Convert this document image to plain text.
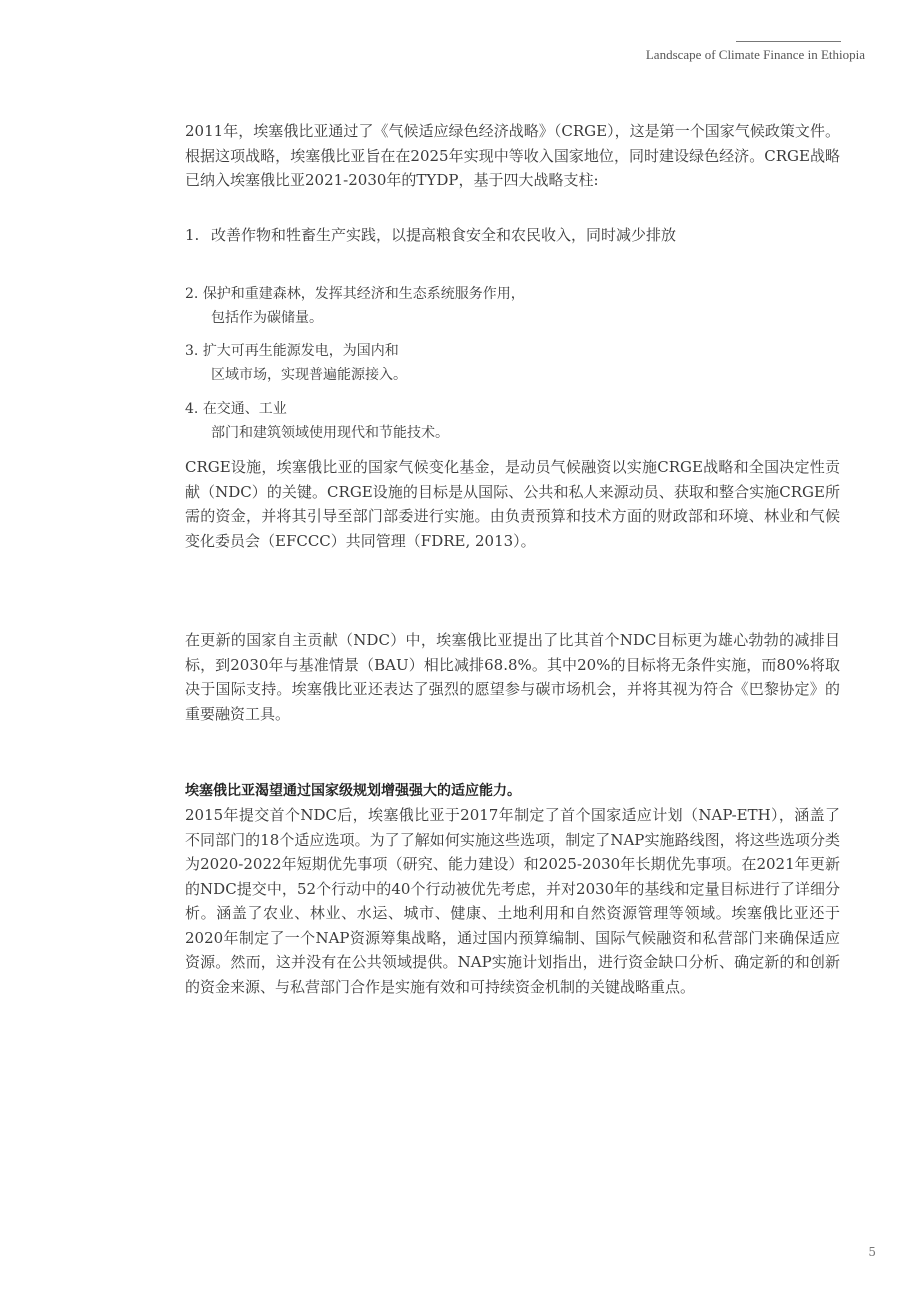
Landscape of Climate Finance in Ethiopia

2011年，埃塞俄比亚通过了《气候适应绿色经济战略》（CRGE），这是第一个国家气候政策文件。根据这项战略，埃塞俄比亚旨在在2025年实现中等收入国家地位，同时建设绿色经济。CRGE战略已纳入埃塞俄比亚2021-2030年的TYDP，基于四大战略支柱:

1. 改善作物和牲畜生产实践，以提高粮食安全和农民收入，同时减少排放
2. 保护和重建森林，发挥其经济和生态系统服务作用，
包括作为碳储量。
3. 扩大可再生能源发电，为国内和
区域市场，实现普遍能源接入。
4. 在交通、工业
部门和建筑领域使用现代和节能技术。

CRGE设施，埃塞俄比亚的国家气候变化基金，是动员气候融资以实施CRGE战略和全国决定性贡献（NDC）的关键。CRGE设施的目标是从国际、公共和私人来源动员、获取和整合实施CRGE所需的资金，并将其引导至部门部委进行实施。由负责预算和技术方面的财政部和环境、林业和气候变化委员会（EFCCC）共同管理（FDRE, 2013）。

在更新的国家自主贡献（NDC）中，埃塞俄比亚提出了比其首个NDC目标更为雄心勃勃的减排目标，到2030年与基准情景（BAU）相比减排68.8%。其中20%的目标将无条件实施，而80%将取决于国际支持。埃塞俄比亚还表达了强烈的愿望参与碳市场机会，并将其视为符合《巴黎协定》的重要融资工具。

埃塞俄比亚渴望通过国家级规划增强强大的适应能力。

2015年提交首个NDC后，埃塞俄比亚于2017年制定了首个国家适应计划（NAP-ETH），涵盖了不同部门的18个适应选项。为了了解如何实施这些选项，制定了NAP实施路线图，将这些选项分类为2020-2022年短期优先事项（研究、能力建设）和2025-2030年长期优先事项。在2021年更新的NDC提交中，52个行动中的40个行动被优先考虑，并对2030年的基线和定量目标进行了详细分析。涵盖了农业、林业、水运、城市、健康、土地利用和自然资源管理等领域。埃塞俄比亚还于2020年制定了一个NAP资源筹集战略，通过国内预算编制、国际气候融资和私营部门来确保适应资源。然而，这并没有在公共领域提供。NAP实施计划指出，进行资金缺口分析、确定新的和创新的资金来源、与私营部门合作是实施有效和可持续资金机制的关键战略重点。

5
